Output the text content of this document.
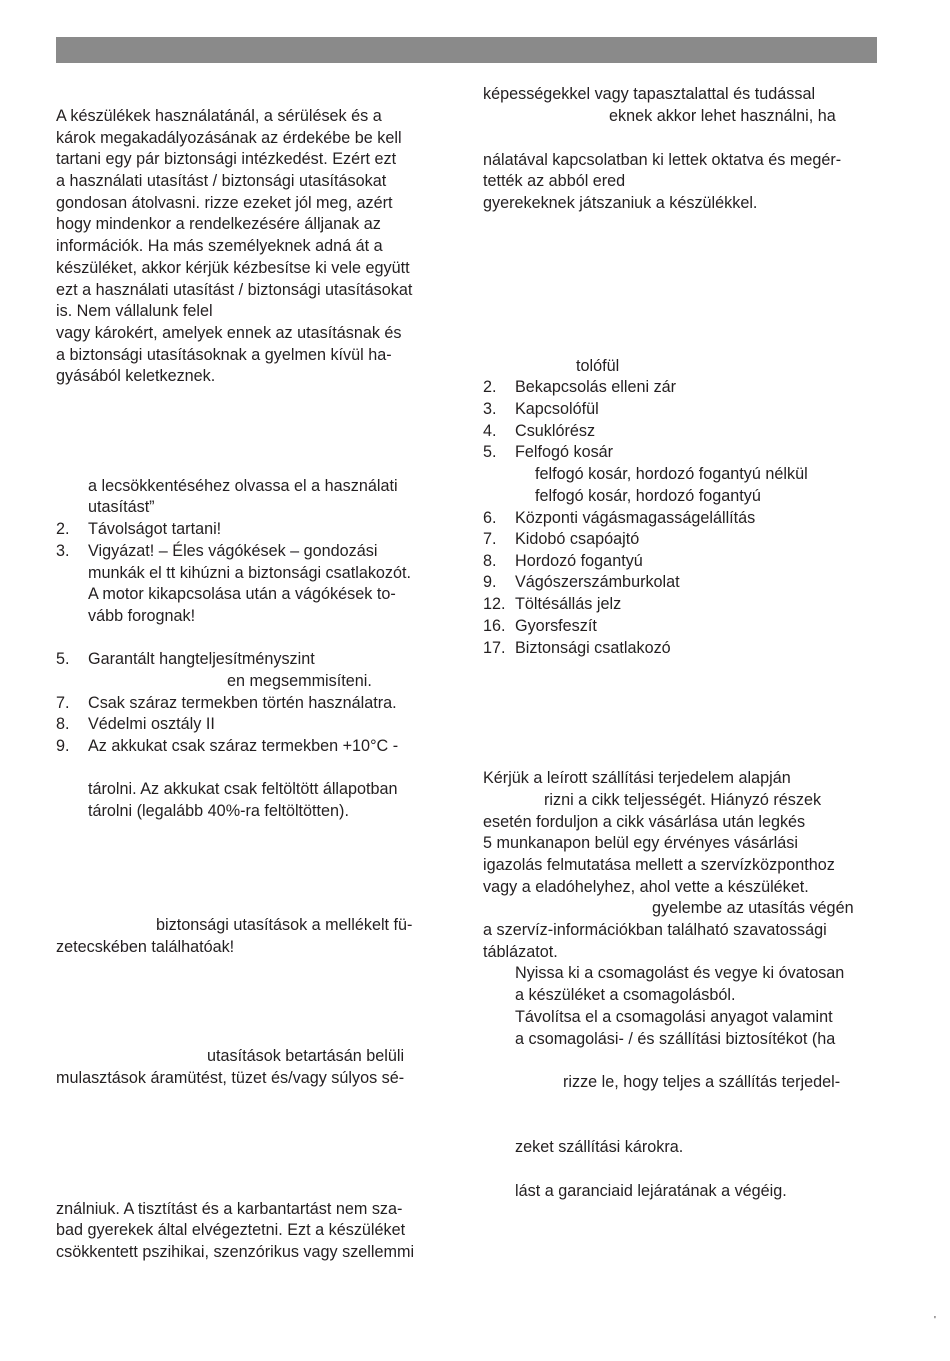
A készülékek használatánál, a sérülések és a
károk megakadályozásának az érdekébe be kell
tartani egy pár biztonsági intézkedést. Ezért ezt
a használati utasítást / biztonsági utasításokat
gondosan átolvasni. rizze ezeket jól meg, azért
hogy mindenkor a rendelkezésére álljanak az
információk. Ha más személyeknek adná át a
készüléket, akkor kérjük kézbesítse ki vele együtt
ezt a használati utasítást / biztonsági utasításokat
is. Nem vállalunk felel
vagy károkért, amelyek ennek az utasításnak és
a biztonsági utasításoknak a gyelmen kívül ha-
gyásából keletkeznek.
a lecsökkentéséhez olvassa el a használati
utasítást”
2. Távolságot tartani!
3. Vigyázat! – Éles vágókések – gondozási
munkák el tt kihúzni a biztonsági csatlakozót.
A motor kikapcsolása után a vágókések to-
vább forognak!
5. Garantált hangteljesítményszint
en megsemmisíteni.
7. Csak száraz termekben történ használatra.
8. Védelmi osztály II
9. Az akkukat csak száraz termekben +10°C -
tárolni. Az akkukat csak feltöltött állapotban
tárolni (legalább 40%-ra feltöltötten).
biztonsági utasítások a mellékelt fü-
zetecskében találhatóak!
utasítások betartásán belüli
mulasztások áramütést, tüzet és/vagy súlyos sé-
ználniuk. A tisztítást és a karbantartást nem sza-
bad gyerekek által elvégeztetni. Ezt a készüléket
csökkentett pszihikai, szenzórikus vagy szellemmi
képességekkel vagy tapasztalattal és tudással
eknek akkor lehet használni, ha
nálatával kapcsolatban ki lettek oktatva és megér-
tették az abból ered
gyerekeknek játszaniuk a készülékkel.
tolófül
2. Bekapcsolás elleni zár
3. Kapcsolófül
4. Csuklórész
5. Felfogó kosár
felfogó kosár, hordozó fogantyú nélkül
felfogó kosár, hordozó fogantyú
6. Központi vágásmagasságelállítás
7. Kidobó csapóajtó
8. Hordozó fogantyú
9. Vágószerszámburkolat
12. Töltésállás jelz
16. Gyorsfeszít
17. Biztonsági csatlakozó
Kérjük a leírott szállítási terjedelem alapján
rizni a cikk teljességét. Hiányzó részek
esetén forduljon a cikk vásárlása után legkés
5 munkanapon belül egy érvényes vásárlási
igazolás felmutatása mellett a szervízközponthoz
vagy a eladóhelyhez, ahol vette a készüléket.
gyelembe az utasítás végén
a szervíz-információkban található szavatossági
táblázatot.
Nyissa ki a csomagolást és vegye ki óvatosan
a készüléket a csomagolásból.
Távolítsa el a csomagolási anyagot valamint
a csomagolási- / és szállítási biztosítékot (ha
rizze le, hogy teljes a szállítás terjedel-
zeket szállítási károkra.
lást a garanciaid lejáratának a végéig.
'
